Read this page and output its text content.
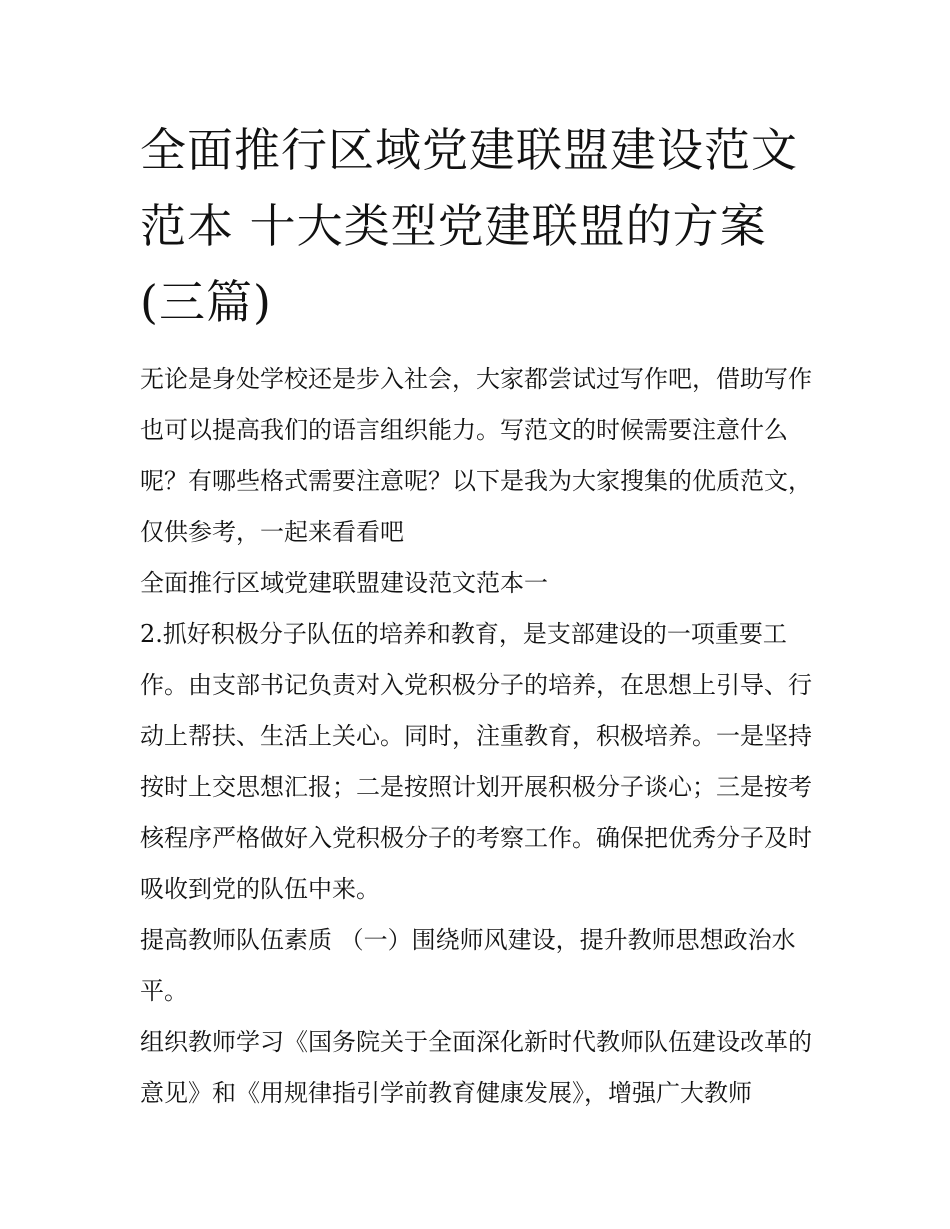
全面推行区域党建联盟建设范文范本 十大类型党建联盟的方案(三篇)

无论是身处学校还是步入社会，大家都尝试过写作吧，借助写作也可以提高我们的语言组织能力。写范文的时候需要注意什么呢？有哪些格式需要注意呢？以下是我为大家搜集的优质范文，仅供参考，一起来看看吧

全面推行区域党建联盟建设范文范本一

2.抓好积极分子队伍的培养和教育，是支部建设的一项重要工作。由支部书记负责对入党积极分子的培养，在思想上引导、行动上帮扶、生活上关心。同时，注重教育，积极培养。一是坚持按时上交思想汇报；二是按照计划开展积极分子谈心；三是按考核程序严格做好入党积极分子的考察工作。确保把优秀分子及时吸收到党的队伍中来。

提高教师队伍素质 （一）围绕师风建设，提升教师思想政治水平。

组织教师学习《国务院关于全面深化新时代教师队伍建设改革的意见》和《用规律指引学前教育健康发展》，增强广大教师
